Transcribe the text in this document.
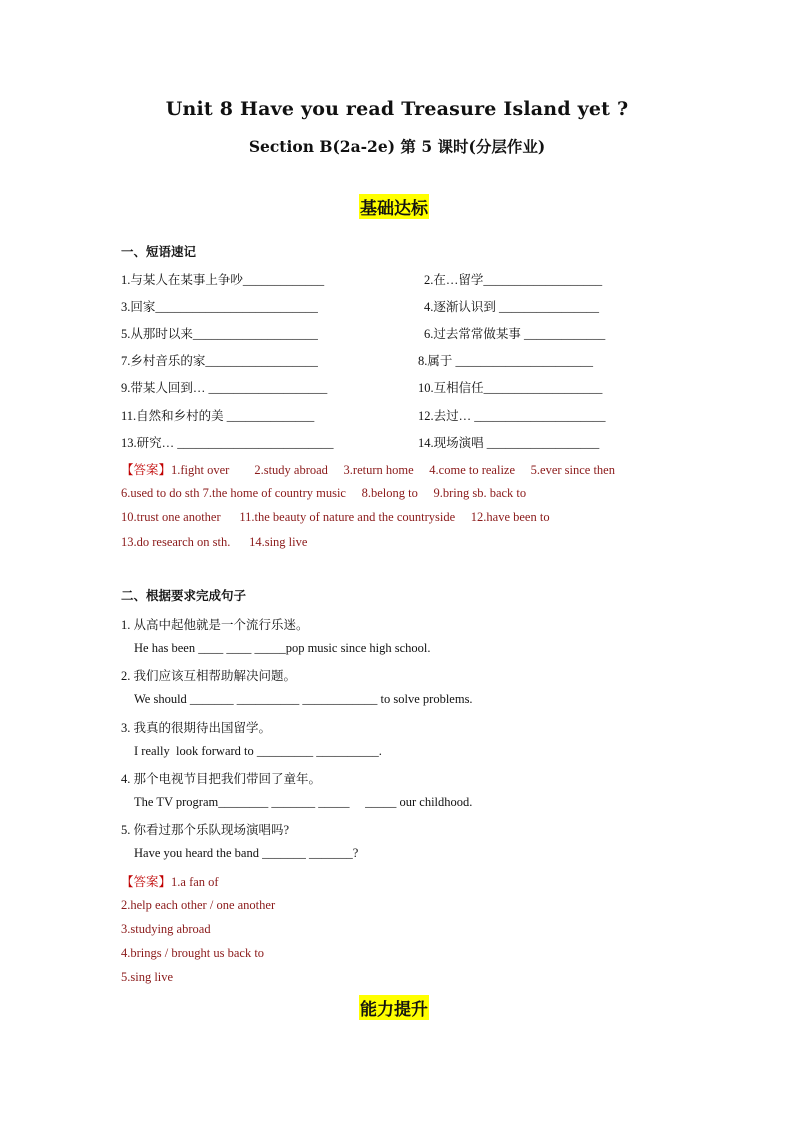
Unit 8 Have you read Treasure Island yet ?
Section B(2a-2e) 第 5 课时(分层作业)
基础达标
一、短语速记
1.与某人在某事上争吵_____________	2.在…留学___________________
3.回家__________________________	4.逐渐认识到 ________________
5.从那时以来____________________	6.过去常常做某事 _____________
7.乡村音乐的家__________________	8.属于 ______________________
9.带某人回到… ___________________	10.互相信任___________________
11.自然和乡村的美 ______________	12.去过… _____________________
13.研究… _________________________	14.现场演唱 __________________
【答案】1.fight over        2.study abroad     3.return home     4.come to realize     5.ever since then
6.used to do sth 7.the home of country music     8.belong to     9.bring sb. back to
10.trust one another      11.the beauty of nature and the countryside     12.have been to
13.do research on sth.      14.sing live
二、根据要求完成句子
1. 从高中起他就是一个流行乐迷。
He has been ____ ____ _____pop music since high school.
2. 我们应该互相帮助解决问题。
We should _______ __________ ____________ to solve problems.
3. 我真的很期待出国留学。
I really  look forward to _________ __________.
4. 那个电视节目把我们带回了童年。
The TV program________ _______ _____     _____ our childhood.
5. 你看过那个乐队现场演唱吗?
Have you heard the band _______ _______?
【答案】1.a fan of
2.help each other / one another
3.studying abroad
4.brings / brought us back to
5.sing live
能力提升
